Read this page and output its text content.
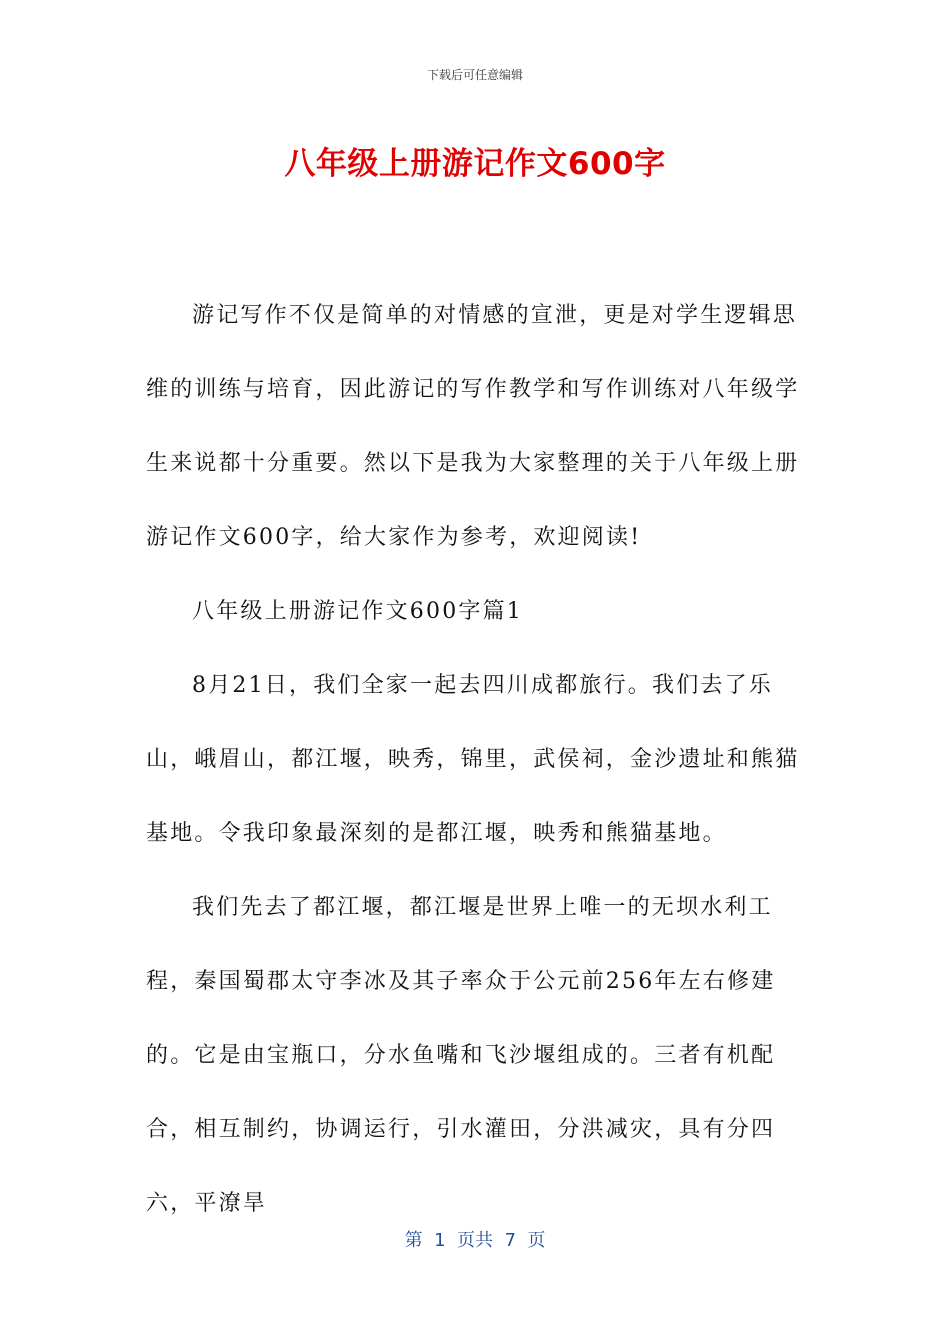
下载后可任意编辑
八年级上册游记作文600字

游记写作不仅是简单的对情感的宣泄，更是对学生逻辑思维的训练与培育，因此游记的写作教学和写作训练对八年级学生来说都十分重要。然以下是我为大家整理的关于八年级上册游记作文600字，给大家作为参考，欢迎阅读!

八年级上册游记作文600字篇1

8月21日，我们全家一起去四川成都旅行。我们去了乐山，峨眉山，都江堰，映秀，锦里，武侯祠，金沙遗址和熊猫基地。令我印象最深刻的是都江堰，映秀和熊猫基地。

我们先去了都江堰，都江堰是世界上唯一的无坝水利工程，秦国蜀郡太守李冰及其子率众于公元前256年左右修建的。它是由宝瓶口，分水鱼嘴和飞沙堰组成的。三者有机配合，相互制约，协调运行，引水灌田，分洪减灾，具有分四六，平潦旱

第  1  页共  7  页
